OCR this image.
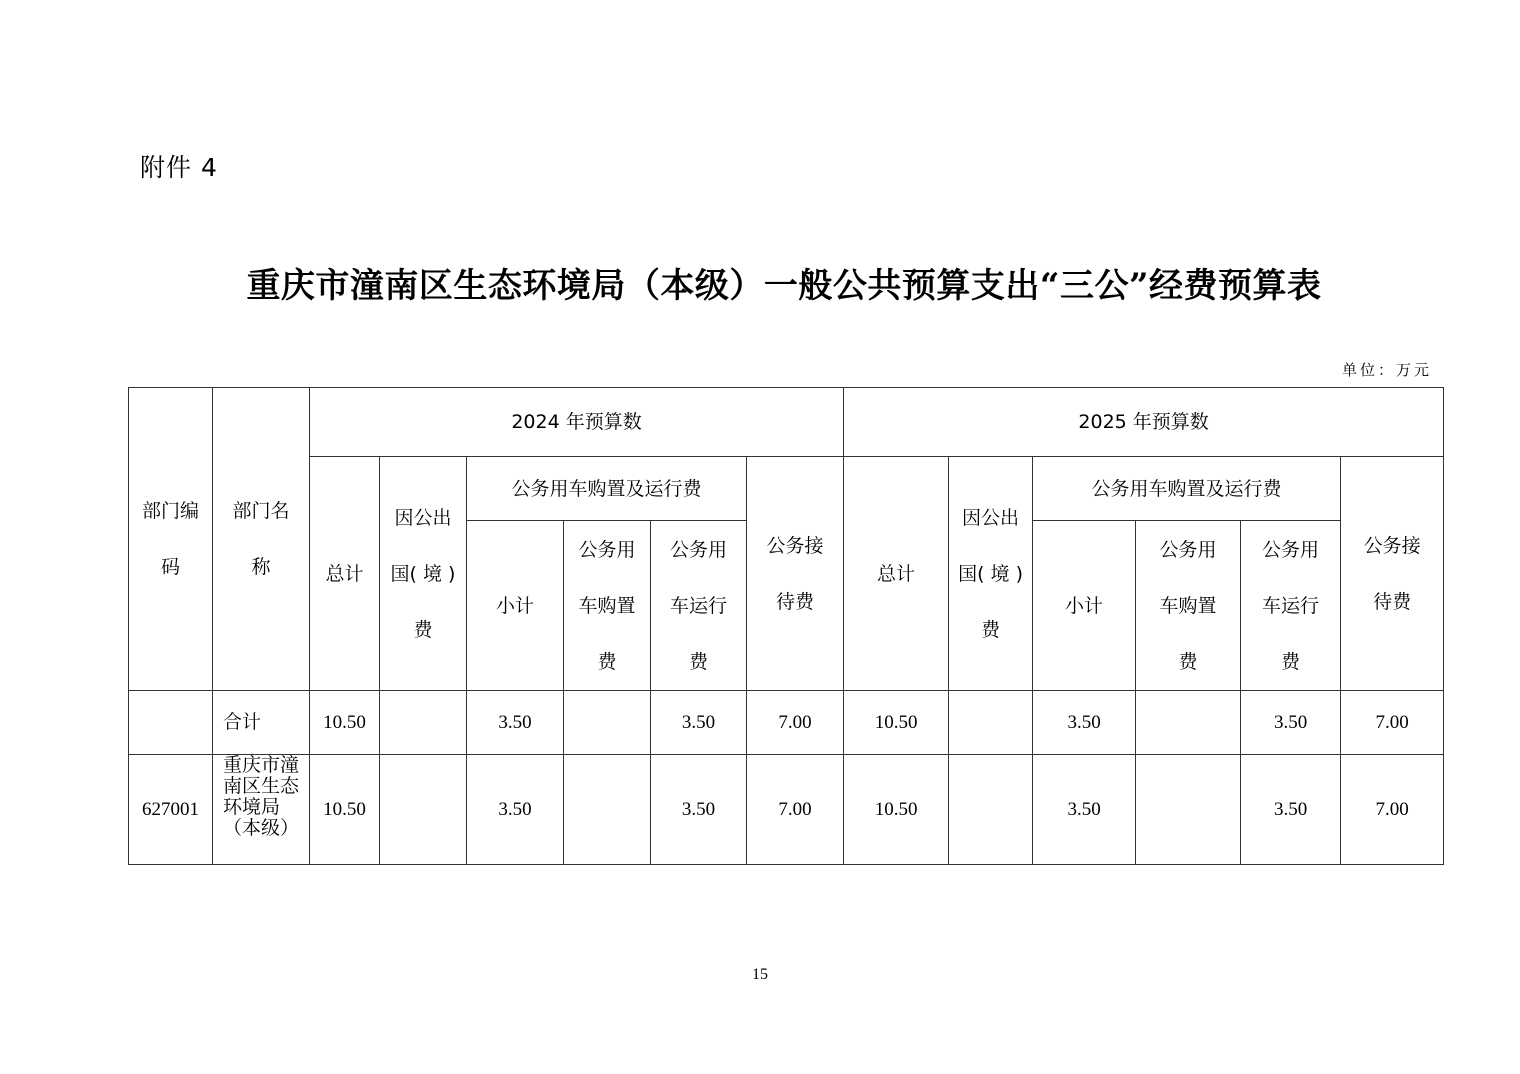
附件 4
重庆市潼南区生态环境局（本级）一般公共预算支出“三公”经费预算表
单位：万元
部门编码	部门名称	2024 年预算数						2025 年预算数					
		总计	因公出国( 境 )费	公务用车购置及运行费			公务接待费	总计	因公出国( 境 )费	公务用车购置及运行费			公务接待费

				小计	公务用车购置费	公务用车运行费				小计	公务用车购置费	公务用车运行费	

	合计	10.50		3.50		3.50	7.00	10.50		3.50		3.50	7.00
627001	重庆市潼南区生态环境局（本级）	10.50		3.50		3.50	7.00	10.50		3.50		3.50	7.00
15
